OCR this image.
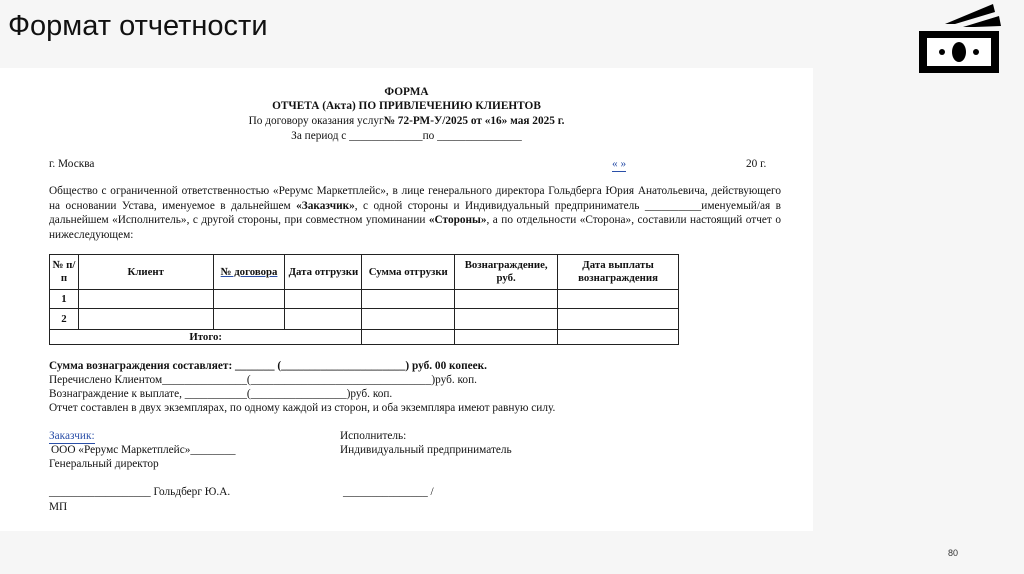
Формат отчетности
ФОРМА
ОТЧЕТА (Акта) ПО ПРИВЛЕЧЕНИЮ КЛИЕНТОВ
По договору оказания услуг№ 72-РМ-У/2025 от «16» мая 2025 г.
За период с _____________по _______________
г. Москва	« »	20 г.
Общество с ограниченной ответственностью «Рерумс Маркетплейс», в лице генерального директора Гольдберга Юрия Анатольевича, действующего на основании Устава, именуемое в дальнейшем «Заказчик», с одной стороны и Индивидуальный предприниматель __________именуемый/ая в дальнейшем «Исполнитель», с другой стороны, при совместном упоминании «Стороны», а по отдельности «Сторона», составили настоящий отчет о нижеследующем:
№ п/п	Клиент	№ договора	Дата отгрузки	Сумма отгрузки	Вознаграждение, руб.	Дата выплаты вознаграждения
1						
2						
Итого:						
Сумма вознаграждения составляет: _______ (______________________) руб. 00 копеек.
Перечислено Клиентом_______________(________________________________)руб. коп.
Вознаграждение к выплате, ___________(_________________)руб. коп.
Отчет составлен в двух экземплярах, по одному каждой из сторон, и оба экземпляра имеют равную силу.
Заказчик:
ООО «Рерумс Маркетплейс»________
Генеральный директор
__________________ Гольдберг Ю.А.
МП
Исполнитель:
Индивидуальный предприниматель
_______________ /
80
